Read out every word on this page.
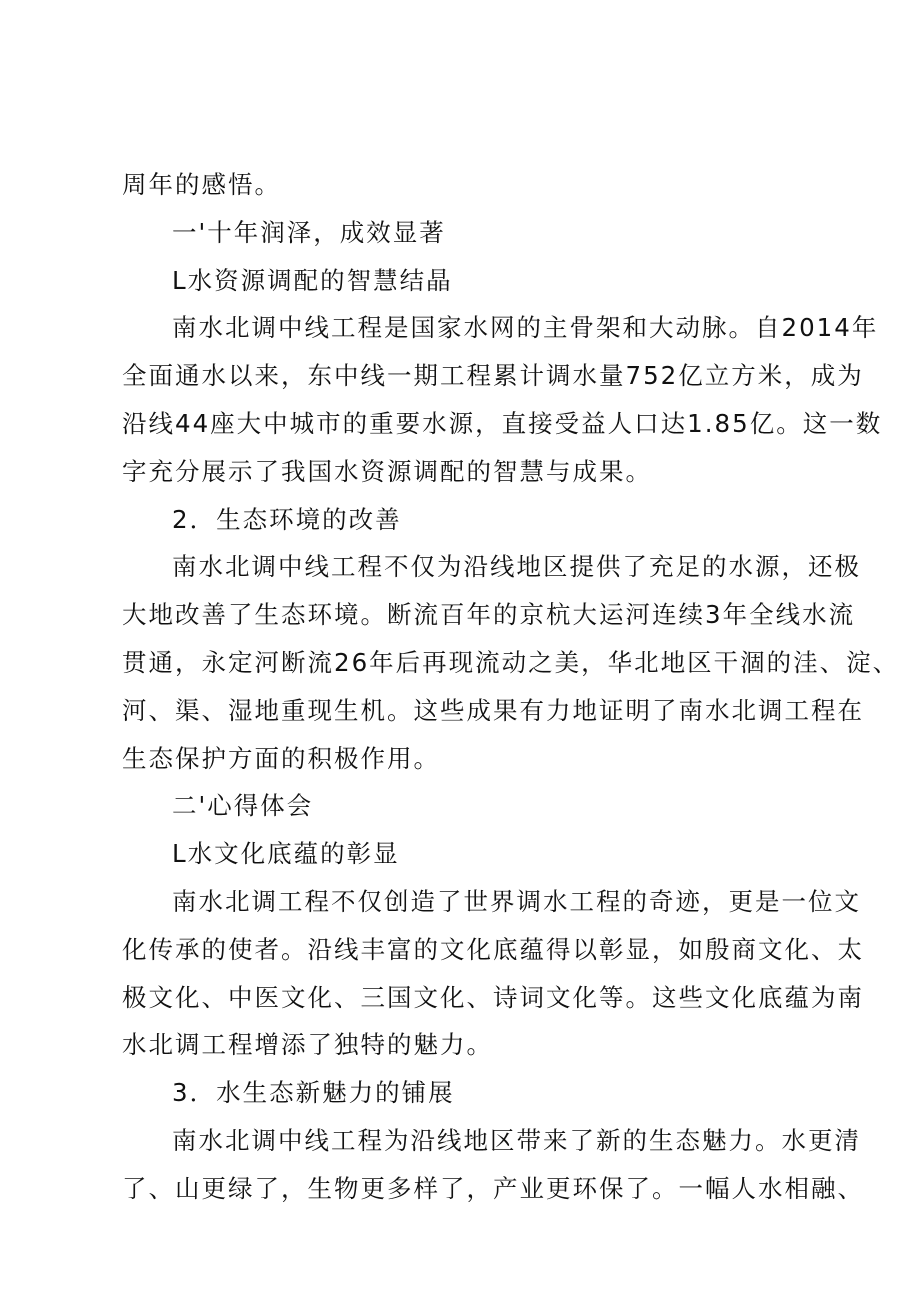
周年的感悟。
一'十年润泽，成效显著
L水资源调配的智慧结晶
南水北调中线工程是国家水网的主骨架和大动脉。自2014年
全面通水以来，东中线一期工程累计调水量752亿立方米，成为
沿线44座大中城市的重要水源，直接受益人口达1.85亿。这一数
字充分展示了我国水资源调配的智慧与成果。
2．生态环境的改善
南水北调中线工程不仅为沿线地区提供了充足的水源，还极
大地改善了生态环境。断流百年的京杭大运河连续3年全线水流
贯通，永定河断流26年后再现流动之美，华北地区干涸的洼、淀、
河、渠、湿地重现生机。这些成果有力地证明了南水北调工程在
生态保护方面的积极作用。
二'心得体会
L水文化底蕴的彰显
南水北调工程不仅创造了世界调水工程的奇迹，更是一位文
化传承的使者。沿线丰富的文化底蕴得以彰显，如殷商文化、太
极文化、中医文化、三国文化、诗词文化等。这些文化底蕴为南
水北调工程增添了独特的魅力。
3．水生态新魅力的铺展
南水北调中线工程为沿线地区带来了新的生态魅力。水更清
了、山更绿了，生物更多样了，产业更环保了。一幅人水相融、
